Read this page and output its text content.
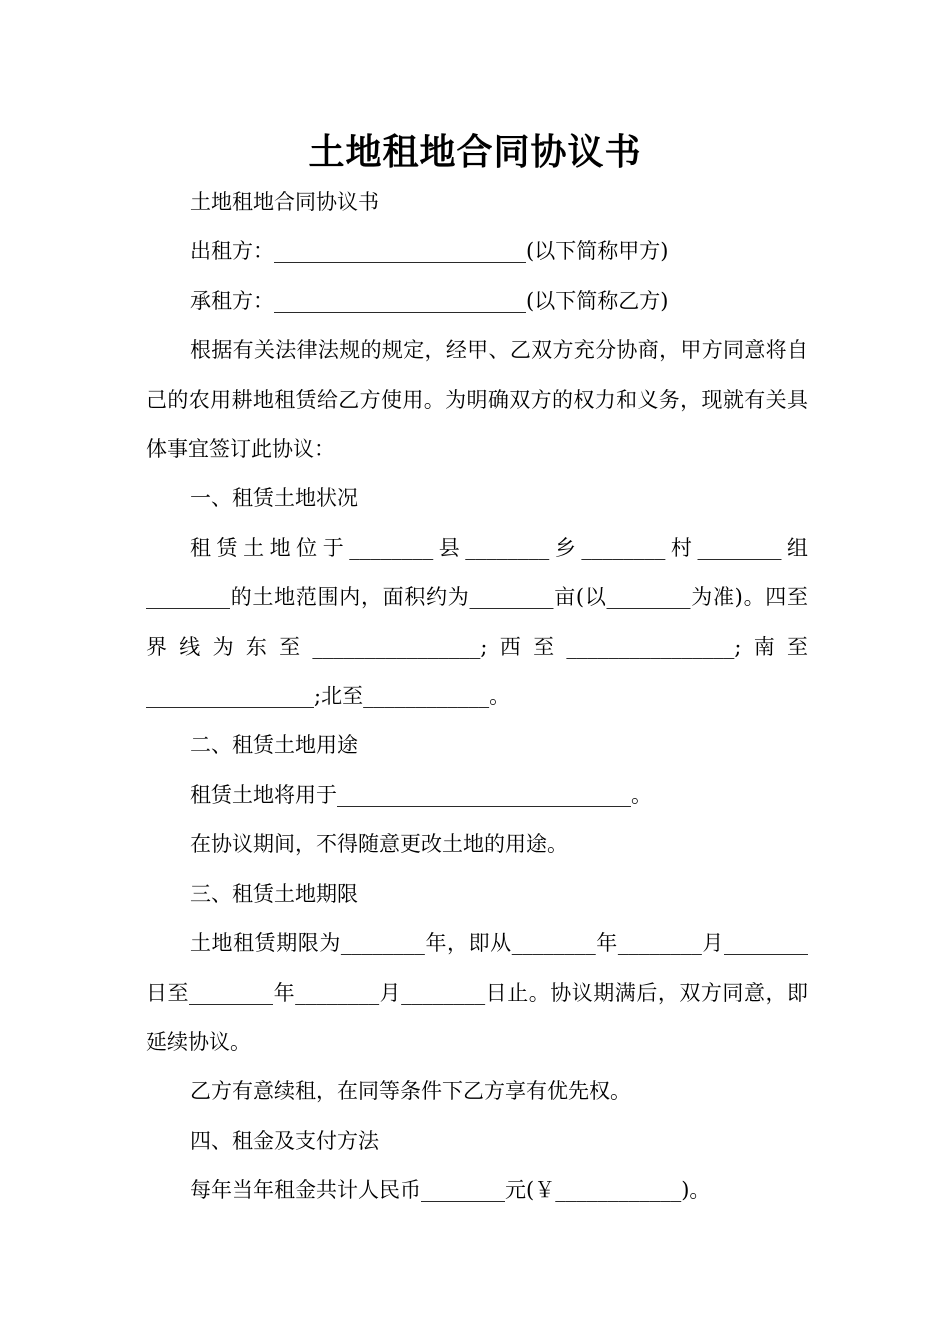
土地租地合同协议书

土地租地合同协议书

出租方：________________________(以下简称甲方)

承租方：________________________(以下简称乙方)

根据有关法律法规的规定，经甲、乙双方充分协商，甲方同意将自己的农用耕地租赁给乙方使用。为明确双方的权力和义务，现就有关具体事宜签订此协议：

一、租赁土地状况

租赁土地位于________县________乡________村________组________的土地范围内，面积约为________亩(以________为准)。四至界线为东至________________;西至________________;南至________________;北至____________。

二、租赁土地用途

租赁土地将用于____________________________。

在协议期间，不得随意更改土地的用途。

三、租赁土地期限

土地租赁期限为________年，即从________年________月________日至________年________月________日止。协议期满后，双方同意，即延续协议。

乙方有意续租，在同等条件下乙方享有优先权。

四、租金及支付方法

每年当年租金共计人民币________元(￥____________)。
